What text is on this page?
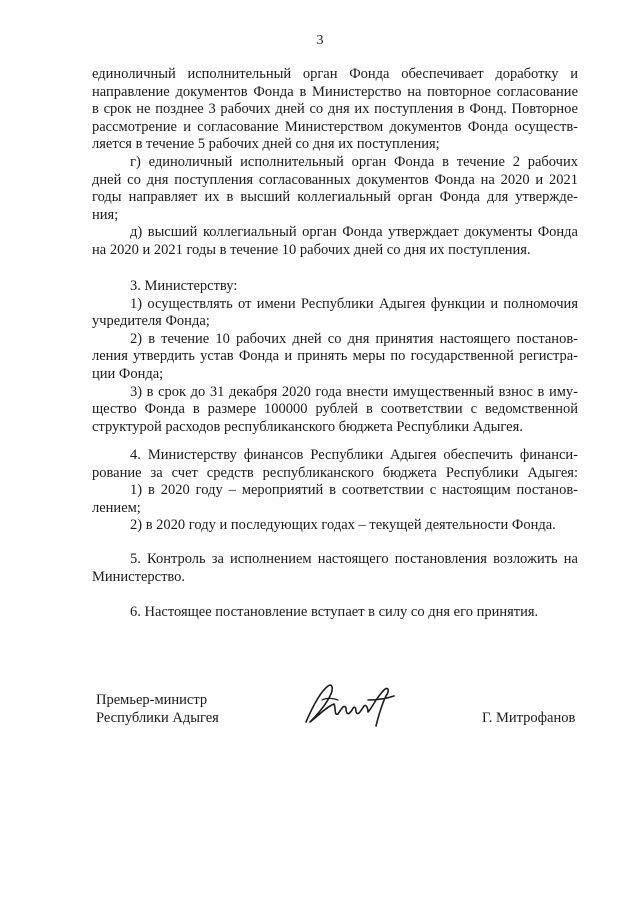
3
единоличный исполнительный орган Фонда обеспечивает доработку и
направление документов Фонда в Министерство на повторное согласование
в срок не позднее 3 рабочих дней со дня их поступления в Фонд. Повторное
рассмотрение и согласование Министерством документов Фонда осуществ-
ляется в течение 5 рабочих дней со дня их поступления;
г) единоличный исполнительный орган Фонда в течение 2 рабочих
дней со дня поступления согласованных документов Фонда на 2020 и 2021
годы направляет их в высший коллегиальный орган Фонда для утвержде-
ния;
д) высший коллегиальный орган Фонда утверждает документы Фонда
на 2020 и 2021 годы в течение 10 рабочих дней со дня их поступления.
3. Министерству:
1) осуществлять от имени Республики Адыгея функции и полномочия
учредителя Фонда;
2) в течение 10 рабочих дней со дня принятия настоящего постанов-
ления утвердить устав Фонда и принять меры по государственной регистра-
ции Фонда;
3) в срок до 31 декабря 2020 года внести имущественный взнос в иму-
щество Фонда в размере 100000 рублей в соответствии с ведомственной
структурой расходов республиканского бюджета Республики Адыгея.
4. Министерству финансов Республики Адыгея обеспечить финанси-
рование за счет средств республиканского бюджета Республики Адыгея:
1) в 2020 году – мероприятий в соответствии с настоящим постанов-
лением;
2) в 2020 году и последующих годах – текущей деятельности Фонда.
5. Контроль за исполнением настоящего постановления возложить на
Министерство.
6. Настоящее постановление вступает в силу со дня его принятия.
Премьер-министр
Республики Адыгея	Г. Митрофанов
